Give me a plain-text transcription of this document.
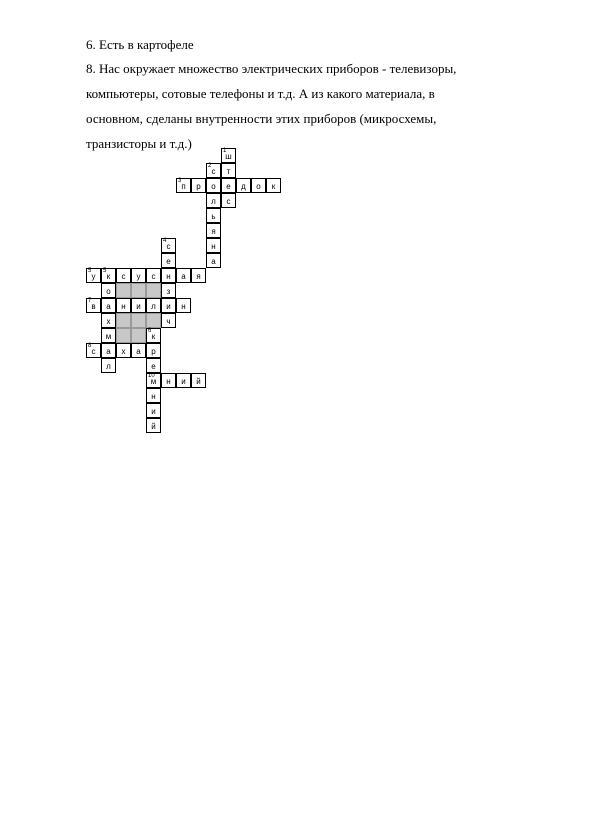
6. Есть в картофеле
8. Нас окружает множество электрических приборов - телевизоры,
компьютеры, сотовые телефоны и т.д. А из какого материала, в
основном, сделаны внутренности этих приборов (микросхемы,
транзисторы и т.д.)	1
ш
2
с	т
3
п	р	о	е	д	о	к
л	с
ь
я
4
с	н
е	а
5
у
5
к	с	у	с	н	а	я
о	з
7
в	а	н	и	л	и	н
х	ч
м
6
к
8
с	а	х	а	р
л	е
10
м	н	и	й
н
и
й
